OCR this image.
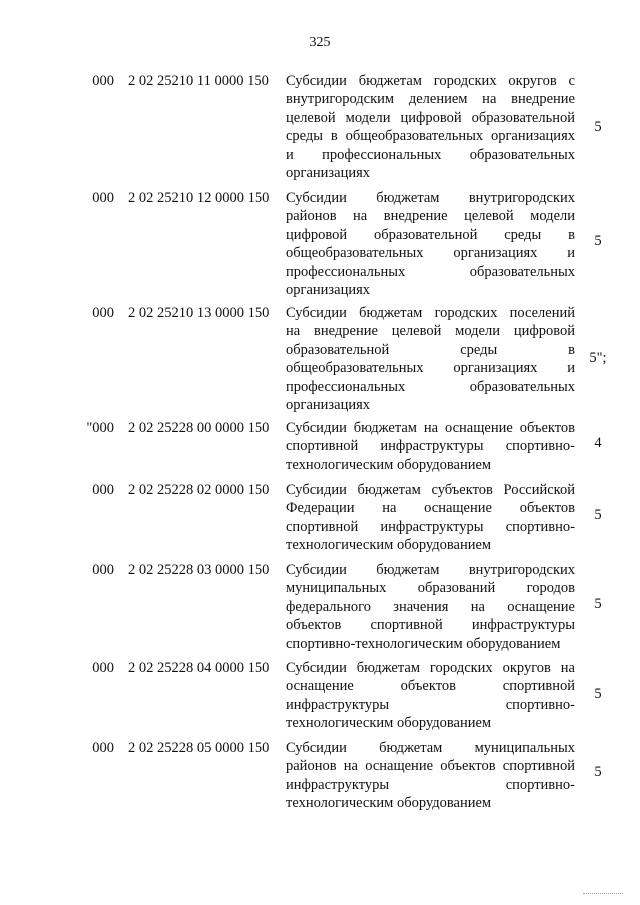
325
000 2 02 25210 11 0000 150 Субсидии бюджетам городских округов с
внутригородским делением на внедрение
целевой модели цифровой образовательной
среды в общеобразовательных организациях
и профессиональных образовательных
организациях
5
000 2 02 25210 12 0000 150 Субсидии бюджетам внутригородских
районов на внедрение целевой модели
цифровой образовательной среды в
общеобразовательных организациях и
профессиональных образовательных
организациях
5
000 2 02 25210 13 0000 150 Субсидии бюджетам городских поселений
на внедрение целевой модели цифровой
образовательной среды в
общеобразовательных организациях и
профессиональных образовательных
организациях
5";
"000 2 02 25228 00 0000 150 Субсидии бюджетам на оснащение объектов
спортивной инфраструктуры спортивно-
технологическим оборудованием
4
000 2 02 25228 02 0000 150 Субсидии бюджетам субъектов Российской
Федерации на оснащение объектов
спортивной инфраструктуры спортивно-
технологическим оборудованием
5
000 2 02 25228 03 0000 150 Субсидии бюджетам внутригородских
муниципальных образований городов
федерального значения на оснащение
объектов спортивной инфраструктуры
спортивно-технологическим оборудованием
5
000 2 02 25228 04 0000 150 Субсидии бюджетам городских округов на
оснащение объектов спортивной
инфраструктуры спортивно-
технологическим оборудованием
5
000 2 02 25228 05 0000 150 Субсидии бюджетам муниципальных
районов на оснащение объектов спортивной
инфраструктуры спортивно-
технологическим оборудованием
5
